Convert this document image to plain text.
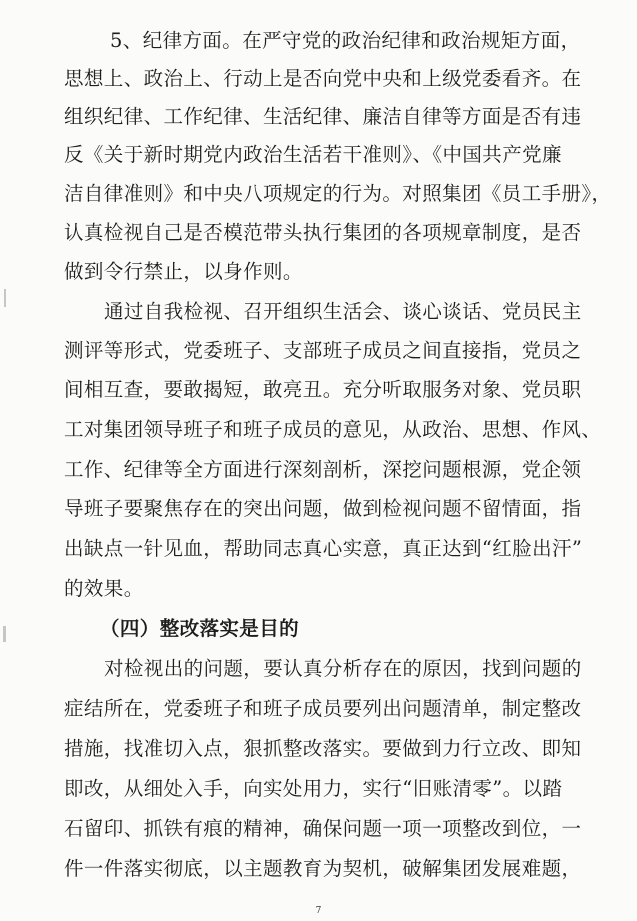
5、纪律方面。在严守党的政治纪律和政治规矩方面，
思想上、政治上、行动上是否向党中央和上级党委看齐。在
组织纪律、工作纪律、生活纪律、廉洁自律等方面是否有违
反《关于新时期党内政治生活若干准则》、《中国共产党廉
洁自律准则》和中央八项规定的行为。对照集团《员工手册》，
认真检视自己是否模范带头执行集团的各项规章制度，是否
做到令行禁止，以身作则。
通过自我检视、召开组织生活会、谈心谈话、党员民主
测评等形式，党委班子、支部班子成员之间直接指，党员之
间相互查，要敢揭短，敢亮丑。充分听取服务对象、党员职
工对集团领导班子和班子成员的意见，从政治、思想、作风、
工作、纪律等全方面进行深刻剖析，深挖问题根源，党企领
导班子要聚焦存在的突出问题，做到检视问题不留情面，指
出缺点一针见血，帮助同志真心实意，真正达到“红脸出汗”
的效果。
（四）整改落实是目的
对检视出的问题，要认真分析存在的原因，找到问题的
症结所在，党委班子和班子成员要列出问题清单，制定整改
措施，找准切入点，狠抓整改落实。要做到力行立改、即知
即改，从细处入手，向实处用力，实行“旧账清零”。以踏
石留印、抓铁有痕的精神，确保问题一项一项整改到位，一
件一件落实彻底，以主题教育为契机，破解集团发展难题，
7
